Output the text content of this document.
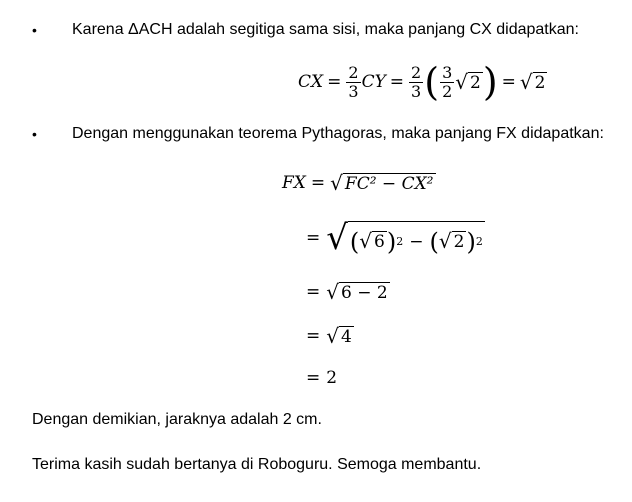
• Karena ΔACH adalah segitiga sama sisi, maka panjang CX didapatkan:
CX = $\frac{2}{3}$ CY = $\frac{2}{3}$ ( $\frac{3}{2}$ √ 2 ) = √ 2
• Dengan menggunakan teorema Pythagoras, maka panjang FX didapatkan:
FX = √ FC² − CX²
= √ ( √ 6 ) 2 − ( √ 2 ) 2
= √ 6 − 2
= √ 4
= 2
Dengan demikian, jaraknya adalah 2 cm.
Terima kasih sudah bertanya di Roboguru. Semoga membantu.
